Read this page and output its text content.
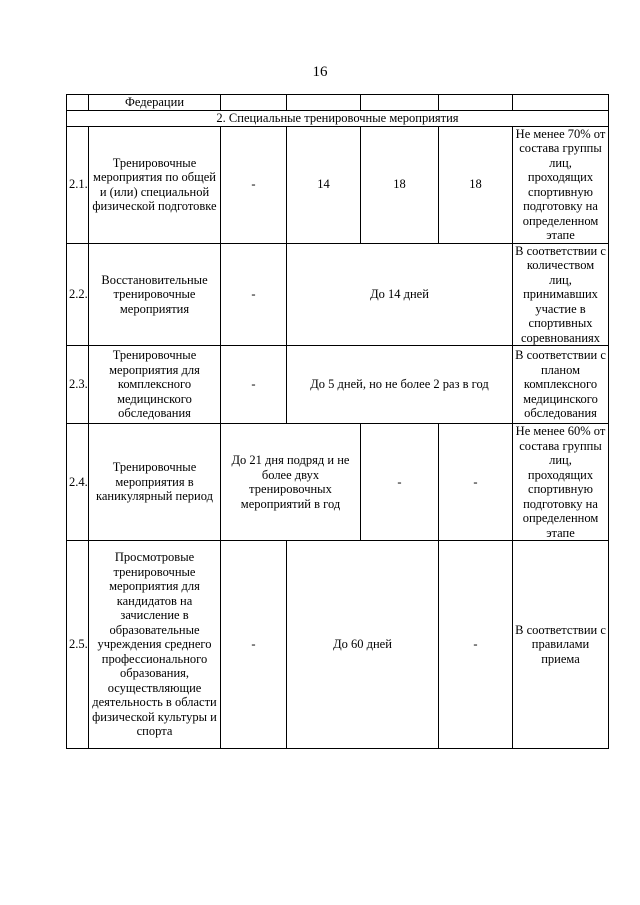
16
	Федерации					
2. Специальные тренировочные мероприятия						
2.1.	Тренировочные мероприятия по общей и (или) специальной физической подготовке	-	14	18	18	Не менее 70% от состава группы лиц, проходящих спортивную подготовку на определенном этапе
2.2.	Восстановительные тренировочные мероприятия	-	До 14 дней			В соответствии с количеством лиц, принимавших участие в спортивных соревнованиях
2.3.	Тренировочные мероприятия для комплексного медицинского обследования	-	До 5 дней, но не более 2 раз в год			В соответствии с планом комплексного медицинского обследования
2.4.	Тренировочные мероприятия в каникулярный период	До 21 дня подряд и не более двух тренировочных мероприятий в год		-	-	Не менее 60% от состава группы лиц, проходящих спортивную подготовку на определенном этапе
2.5.	Просмотровые тренировочные мероприятия для кандидатов на зачисление в образовательные учреждения среднего профессионального образования, осуществляющие деятельность в области физической культуры и спорта	-	До 60 дней		-	В соответствии с правилами приема
